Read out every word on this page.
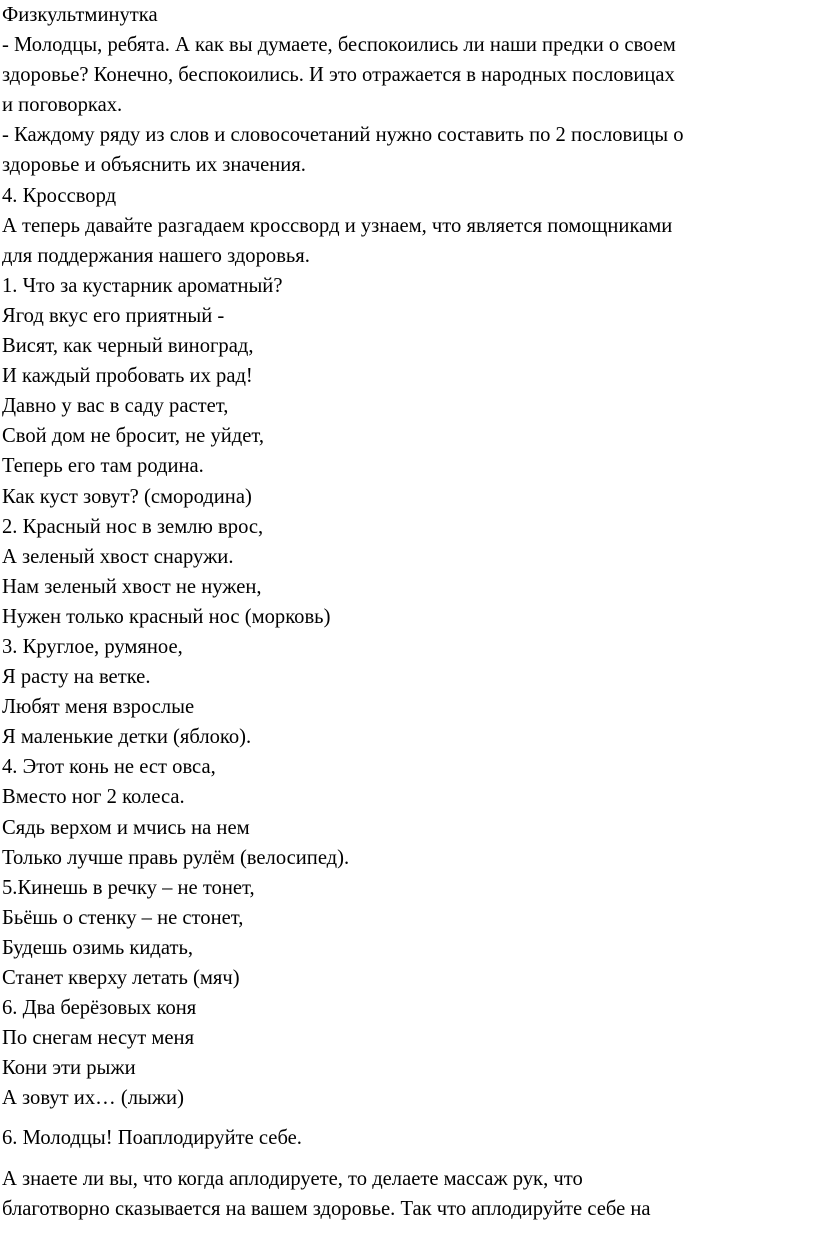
Физкультминутка

- Молодцы, ребята. А как вы думаете, беспокоились ли наши предки о своем

здоровье? Конечно, беспокоились. И это отражается в народных пословицах

и поговорках.

- Каждому ряду из слов и словосочетаний нужно составить по 2 пословицы о

здоровье и объяснить их значения.

4. Кроссворд

А теперь давайте разгадаем кроссворд и узнаем, что является помощниками

для поддержания нашего здоровья.

1. Что за кустарник ароматный?

Ягод вкус его приятный -

Висят, как черный виноград,

И каждый пробовать их рад!

Давно у вас в саду растет,

Свой дом не бросит, не уйдет,

Теперь его там родина.

Как куст зовут? (смородина)

2. Красный нос в землю врос,

А зеленый хвост снаружи.

Нам зеленый хвост не нужен,

Нужен только красный нос (морковь)

3. Круглое, румяное,

Я расту на ветке.

Любят меня взрослые

Я маленькие детки (яблоко).

4. Этот конь не ест овса,

Вместо ног 2 колеса.

Сядь верхом и мчись на нем

Только лучше правь рулём (велосипед).

5.Кинешь в речку – не тонет,

Бьёшь о стенку – не стонет,

Будешь озимь кидать,

Станет кверху летать (мяч)

6. Два берёзовых коня

По снегам несут меня

Кони эти рыжи

А зовут их… (лыжи)

6. Молодцы! Поаплодируйте себе.

А знаете ли вы, что когда аплодируете, то делаете массаж рук, что

благотворно сказывается на вашем здоровье. Так что аплодируйте себе на
